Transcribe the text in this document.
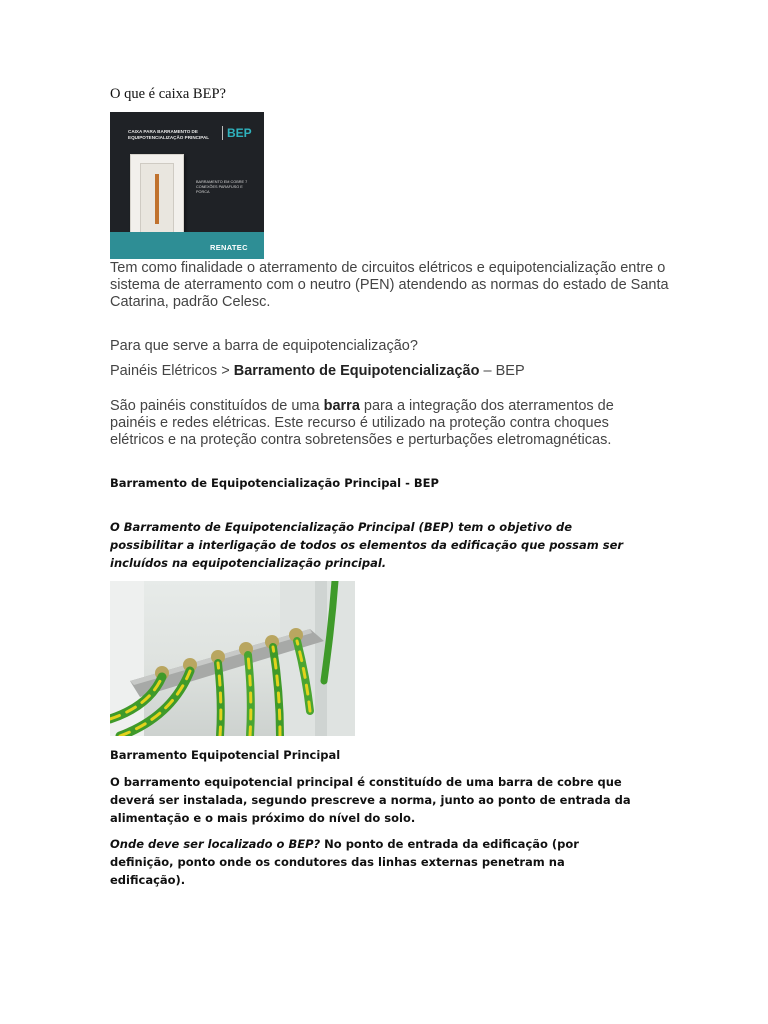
O que é caixa BEP?

CAIXA PARA BARRAMENTO DE EQUIPOTENCIALIZAÇÃO PRINCIPAL	BEP
BARRAMENTO EM COBRE 7 CONEXÕES PARAFUSO E PORCA
RENATEC

Tem como finalidade o aterramento de circuitos elétricos e equipotencialização entre o sistema de aterramento com o neutro (PEN) atendendo as normas do estado de Santa Catarina, padrão Celesc.

Para que serve a barra de equipotencialização?

Painéis Elétricos > Barramento de Equipotencialização – BEP

São painéis constituídos de uma barra para a integração dos aterramentos de painéis e redes elétricas. Este recurso é utilizado na proteção contra choques elétricos e na proteção contra sobretensões e perturbações eletromagnéticas.

Barramento de Equipotencialização Principal - BEP

O Barramento de Equipotencialização Principal (BEP) tem o objetivo de possibilitar a interligação de todos os elementos da edificação que possam ser incluídos na equipotencialização principal.

Barramento Equipotencial Principal

O barramento equipotencial principal é constituído de uma barra de cobre que deverá ser instalada, segundo prescreve a norma, junto ao ponto de entrada da alimentação e o mais próximo do nível do solo.

Onde deve ser localizado o BEP? No ponto de entrada da edificação (por definição, ponto onde os condutores das linhas externas penetram na edificação).
